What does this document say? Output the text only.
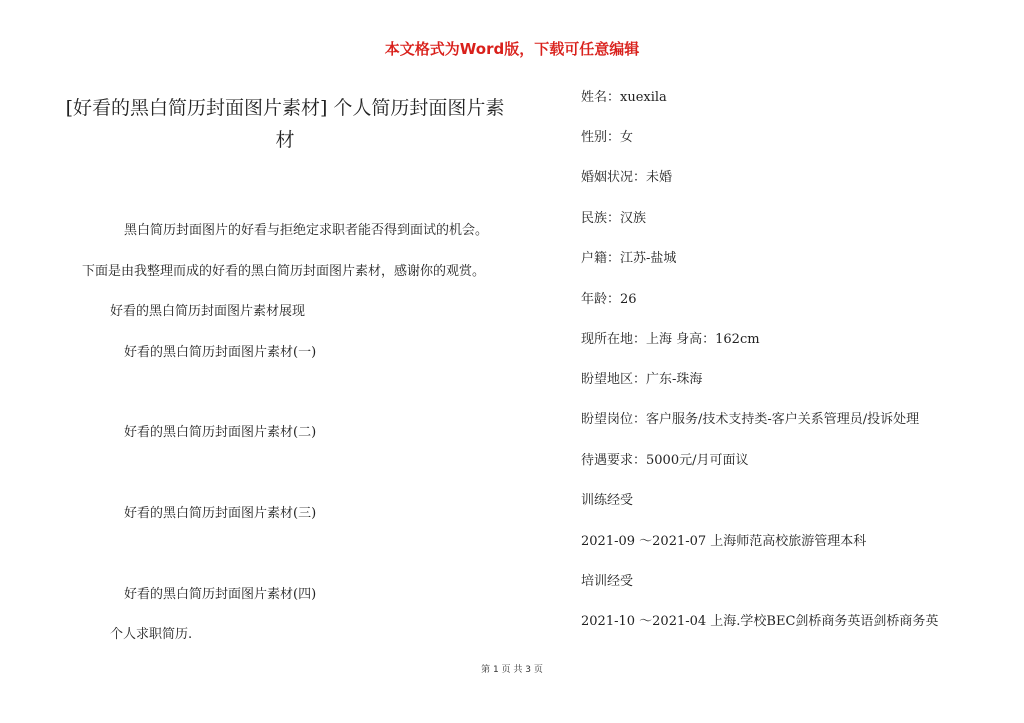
本文格式为Word版，下载可任意编辑
[好看的黑白简历封面图片素材] 个人简历封面图片素材
黑白简历封面图片的好看与拒绝定求职者能否得到面试的机会。
下面是由我整理而成的好看的黑白简历封面图片素材，感谢你的观赏。
好看的黑白简历封面图片素材展现
好看的黑白简历封面图片素材(一)
好看的黑白简历封面图片素材(二)
好看的黑白简历封面图片素材(三)
好看的黑白简历封面图片素材(四)
个人求职简历.
姓名：xuexila
性别：女
婚姻状况：未婚
民族：汉族
户籍：江苏-盐城
年龄：26
现所在地：上海 身高：162cm
盼望地区：广东-珠海
盼望岗位：客户服务/技术支持类-客户关系管理员/投诉处理
待遇要求：5000元/月可面议
训练经受
2021-09 ～2021-07 上海师范高校旅游管理本科
培训经受
2021-10 ～2021-04 上海.学校BEC剑桥商务英语剑桥商务英
第 1 页 共 3 页
